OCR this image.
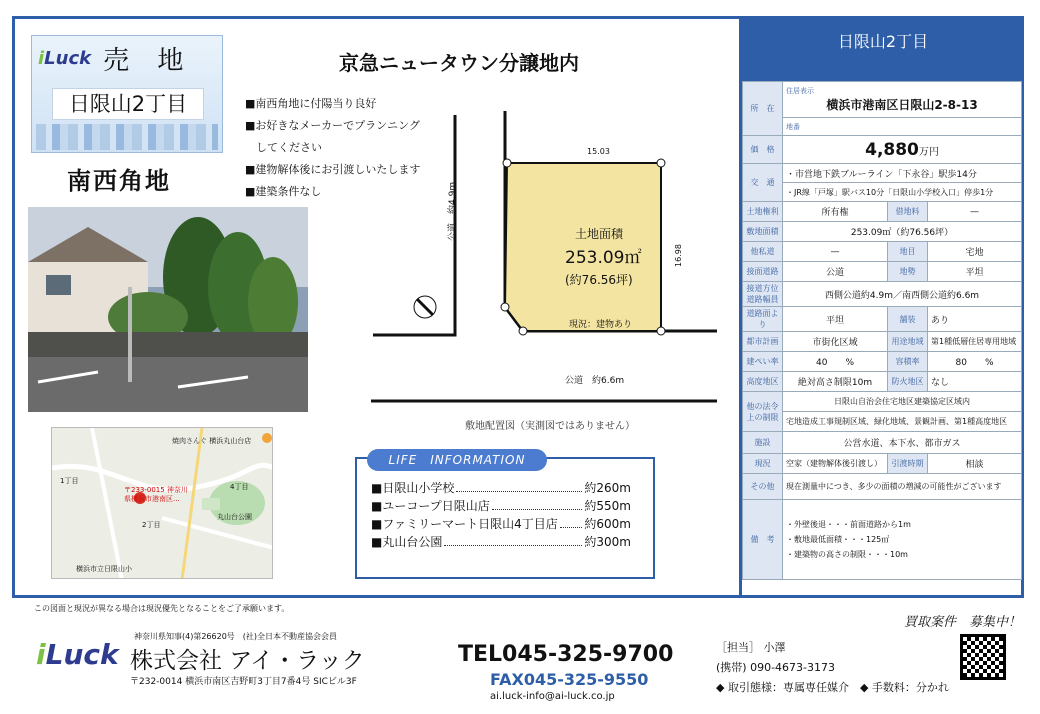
iLuck 売 地
日限山2丁目
南西角地
〒233-0015 神奈川
県横浜市港南区...
1丁目
2丁目
4丁目
丸山台公園
焼肉さんぐ 横浜丸山台店
横浜市立日限山小
京急ニュータウン分譲地内
■南西角地に付陽当り良好
■お好きなメーカーでプランニング
　してください
■建物解体後にお引渡しいたします
■建築条件なし
15.03
16.98
土地面積
253.09㎡
(約76.56坪)
現況：建物あり
公道　約4.9m
公道　約6.6m
敷地配置図（実測図ではありません）
LIFE　INFORMATION
■日限山小学校	約260m
■ユーコープ日限山店	約550m
■ファミリーマート日限山4丁目店 約600m
■丸山台公園	約300m
日限山2丁目
所　在	住居表示
横浜市港南区日限山2-8-13		

	地番		
価　格	4,880万円		
交　通	・市営地下鉄ブルーライン「下永谷」駅歩14分		
	・JR線「戸塚」駅バス10分「日限山小学校入口」停歩1分		
土地権利	所有権	借地料	—
敷地面積	253.09㎡（約76.56坪）		
他私道	—	地目	宅地
接面道路	公道	地勢	平坦
接道方位道路幅員	西側公道約4.9m／南西側公道約6.6m		
道路面より	平坦	舗装	あり
都市計画	市街化区域	用途地域	第1種低層住居専用地域
建ぺい率	40　　%	容積率	80　　%
高度地区	絶対高さ制限10m	防火地区	なし
他の法令上の制限	日限山自治会住宅地区建築協定区域内		
	宅地造成工事規制区域、緑化地域、景観計画、第1種高度地区		
施設	公営水道、本下水、都市ガス		
現況	空家（建物解体後引渡し）	引渡時期	相談
その他	現在測量中につき、多少の面積の増減の可能性がございます		
備　考	・外壁後退・・・前面道路から1m
・敷地最低面積・・・125㎡
・建築物の高さの制限・・・10m		
この図面と現況が異なる場合は現況優先となることをご了承願います。
買取案件　募集中！
iLuck
神奈川県知事(4)第26620号　(社)全日本不動産協会会員
株式会社 アイ・ラック
〒232-0014 横浜市南区吉野町3丁目7番4号 SICビル3F
TEL045-325-9700
FAX045-325-9550
ai.luck-info@ai-luck.co.jp
［担当］ 小澤
(携帯) 090-4673-3173
◆ 取引態様：専属専任媒介　◆ 手数料：分かれ
